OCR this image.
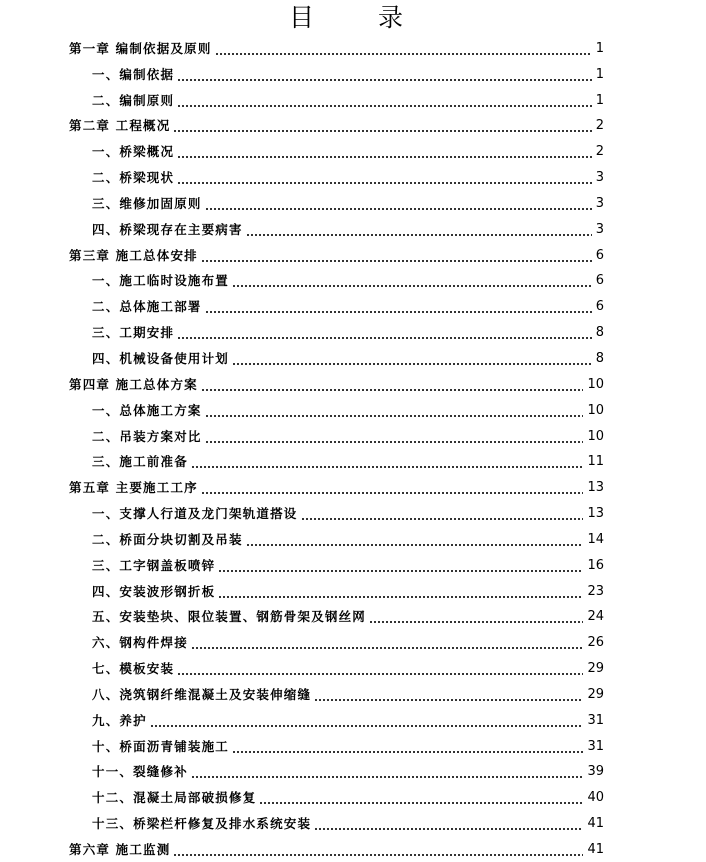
目 录
第一章 编制依据及原则	1
一、编制依据	1
二、编制原则	1
第二章 工程概况	2
一、桥梁概况	2
二、桥梁现状	3
三、维修加固原则	3
四、桥梁现存在主要病害	3
第三章 施工总体安排	6
一、施工临时设施布置	6
二、总体施工部署	6
三、工期安排	8
四、机械设备使用计划	8
第四章 施工总体方案	10
一、总体施工方案	10
二、吊装方案对比	10
三、施工前准备	11
第五章 主要施工工序	13
一、支撑人行道及龙门架轨道搭设	13
二、桥面分块切割及吊装	14
三、工字钢盖板喷锌	16
四、安装波形钢折板	23
五、安装垫块、限位装置、钢筋骨架及钢丝网	24
六、钢构件焊接	26
七、模板安装	29
八、浇筑钢纤维混凝土及安装伸缩缝	29
九、养护	31
十、桥面沥青铺装施工	31
十一、裂缝修补	39
十二、混凝土局部破损修复	40
十三、桥梁栏杆修复及排水系统安装	41
第六章 施工监测	41
